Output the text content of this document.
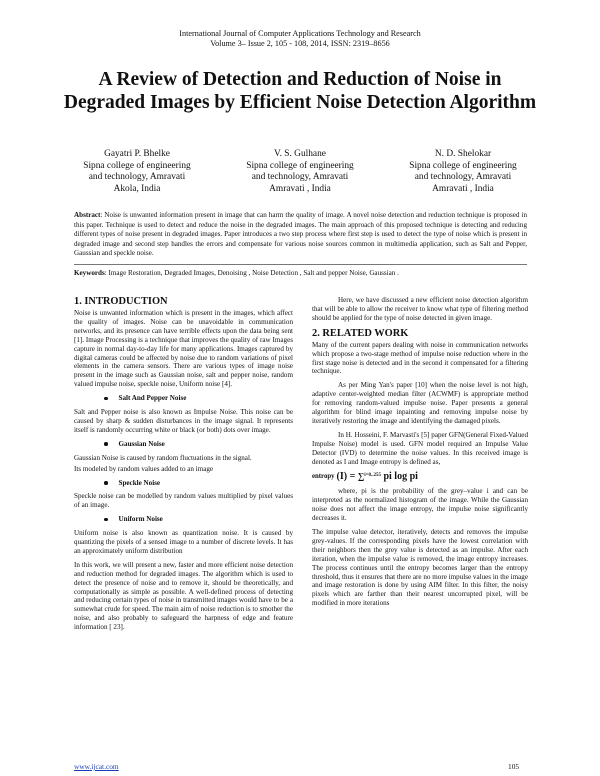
International Journal of Computer Applications Technology and Research
Volume 3– Issue 2, 105 - 108, 2014, ISSN: 2319–8656
A Review of Detection and Reduction of Noise in Degraded Images by Efficient Noise Detection Algorithm
Gayatri P. Bhelke
Sipna college of engineering
and technology, Amravati
Akola, India
V. S. Gulhane
Sipna college of engineering
and technology, Amravati
Amravati , India
N. D. Shelokar
Sipna college of engineering
and technology, Amravati
Amravati , India

Abstract: Noise is unwanted information present in image that can harm the quality of image. A novel noise detection and reduction technique is proposed in this paper. Technique is used to detect and reduce the noise in the degraded images. The main approach of this proposed technique is detecting and reducing different types of noise present in degraded images. Paper introduces a two step process where first step is used to detect the type of noise which is present in degraded image and second step handles the errors and compensate for various noise sources common in multimedia application, such as Salt and Pepper, Gaussian and speckle noise.

Keywords: Image Restoration, Degraded Images, Denoising , Noise Detection , Salt and pepper Noise, Gaussian .

1. INTRODUCTION

Noise is unwanted information which is present in the images, which affect the quality of images. Noise can be unavoidable in communication networks, and its presence can have terrible effects upon the data being sent [1]. Image Processing is a technique that improves the quality of raw Images capture in normal day-to-day life for many applications. Images captured by digital cameras could be affected by noise due to random variations of pixel elements in the camera sensors. There are various types of image noise present in the image such as Gaussian noise, salt and pepper noise, random valued impulse noise, speckle noise, Uniform noise [4].

Salt And Pepper Noise

Salt and Pepper noise is also known as Impulse Noise. This noise can be caused by sharp & sudden disturbances in the image signal. It represents itself is randomly occurring white or black (or both) dots over image.

Gaussian Noise

Gaussian Noise is caused by random fluctuations in the signal.

Its modeled by random values added to an image

Speckle Noise

Speckle noise can be modelled by random values multiplied by pixel values of an image.

Uniform Noise

Uniform noise is also known as quantization noise. It is caused by quantizing the pixels of a sensed image to a number of discrete levels. It has an approximately uniform distribution

In this work, we will present a new, faster and more efficient noise detection and reduction method for degraded images. The algorithm which is used to detect the presence of noise and to remove it, should be theoretically, and computationally as simple as possible. A well-defined process of detecting and reducing certain types of noise in transmitted images would have to be a somewhat crude for speed. The main aim of noise reduction is to smother the noise, and also probably to safeguard the harpness of edge and feature information [ 23].

Here, we have discussed a new efficient noise detection algorithm that will be able to allow the receiver to know what type of filtering method should be applied for the type of noise detected in given image.

2. RELATED WORK

Many of the current papers dealing with noise in communication networks which propose a two-stage method of impulse noise reduction where in the first stage noise is detected and in the second it compensated for a filtering technique.

As per Ming Yan's paper [10] when the noise level is not high, adaptive center-weighted median filter (ACWMF) is appropriate method for removing random-valued impulse noise. Paper presents a general algorithm for blind image inpainting and removing impulse noise by iteratively restoring the image and identifying the damaged pixels.

In H. Hosseini, F. Marvasti's [5] paper GFN(General Fixed-Valued Impulse Noise) model is used. GFN model required an Impulse Value Detector (IVD) to determine the noise values. In this received image is denoted as I and Image entropy is defined as,

entropy (I) = ∑$^{i=0..255}$ pi log pi

where, pi is the probability of the grey–value i and can be interpreted as the normalized histogram of the image. While the Gaussian noise does not affect the image entropy, the impulse noise significantly decreases it.

The impulse value detector, iteratively, detects and removes the impulse grey-values. If the corresponding pixels have the lowest correlation with their neighbors then the grey value is detected as an impulse. After each iteration, when the impulse value is removed, the image entropy increases. The process continues until the entropy becomes larger than the entropy threshold, thus it ensures that there are no more impulse values in the image and image restoration is done by using AIM filter. In this filter, the noisy pixels which are farther than their nearest uncorrupted pixel, will be modified in more iterations

www.ijcat.com	105
